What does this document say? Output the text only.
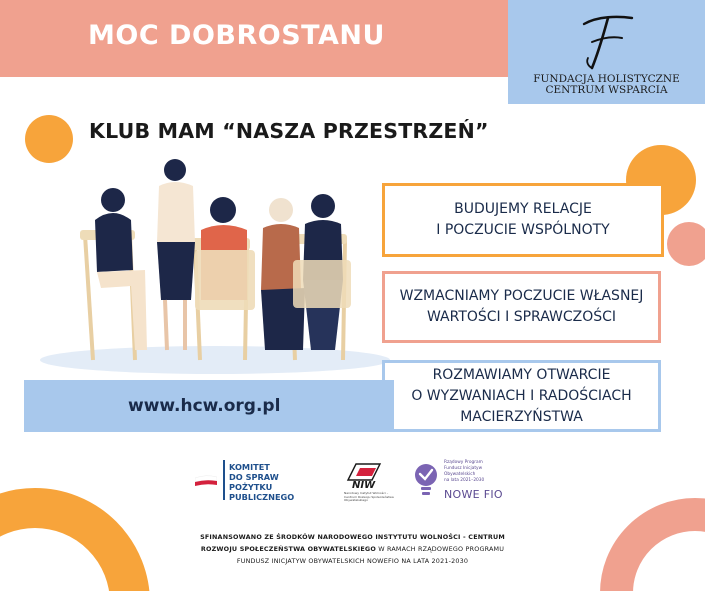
MOC DOBROSTANU
FUNDACJA HOLISTYCZNE
CENTRUM WSPARCIA
KLUB MAM “NASZA PRZESTRZEŃ”
BUDUJEMY RELACJE
I POCZUCIE WSPÓLNOTY
WZMACNIAMY POCZUCIE WŁASNEJ
WARTOŚCI I SPRAWCZOŚCI
ROZMAWIAMY OTWARCIE
O WYZWANIACH I RADOŚCIACH
MACIERZYŃSTWA
www.hcw.org.pl
KOMITET
DO SPRAW
POŻYTKU
PUBLICZNEGO
NIW
Narodowy Instytut Wolności – Centrum Rozwoju Społeczeństwa Obywatelskiego
Rządowy Program
Fundusz Inicjatyw
Obywatelskich
na lata 2021–2030
NOWE FIO
SFINANSOWANO ZE ŚRODKÓW NARODOWEGO INSTYTUTU WOLNOŚCI - CENTRUM
ROZWOJU SPOŁECZEŃSTWA OBYWATELSKIEGO W RAMACH RZĄDOWEGO PROGRAMU
FUNDUSZ INICJATYW OBYWATELSKICH NOWEFIO NA LATA 2021-2030
